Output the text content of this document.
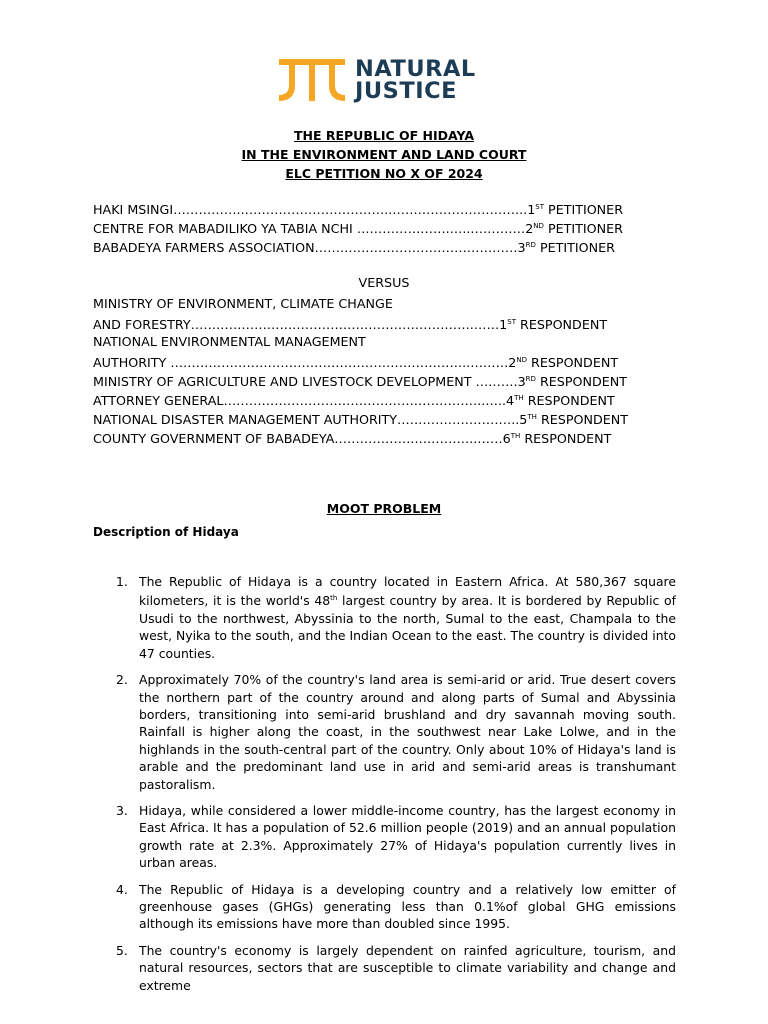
NATURAL
JUSTICE
THE REPUBLIC OF HIDAYA
IN THE ENVIRONMENT AND LAND COURT
ELC PETITION NO X OF 2024
HAKI MSINGI……………..……………………………..…………………………..1ST PETITIONER
CENTRE FOR MABADILIKO YA TABIA NCHI ………………….…...…………2ND PETITIONER
BABADEYA FARMERS ASSOCIATION…………………………………………3RD PETITIONER
VERSUS
MINISTRY OF ENVIRONMENT, CLIMATE CHANGE
AND FORESTRY………………………………………………………….……1ST RESPONDENT
NATIONAL ENVIRONMENTAL MANAGEMENT
AUTHORITY ……………………………………………………………..………2ND RESPONDENT
MINISTRY OF AGRICULTURE AND LIVESTOCK DEVELOPMENT ……….3RD RESPONDENT
ATTORNEY GENERAL……………………………………………………..…..4TH RESPONDENT
NATIONAL DISASTER MANAGEMENT AUTHORITY………………………..5TH RESPONDENT
COUNTY GOVERNMENT OF BABADEYA………………..…………..……6TH RESPONDENT
MOOT PROBLEM
Description of Hidaya
1. The Republic of Hidaya is a country located in Eastern Africa. At 580,367 square kilometers, it is the world's 48th largest country by area. It is bordered by Republic of Usudi to the northwest, Abyssinia to the north, Sumal to the east, Champala to the west, Nyika to the south, and the Indian Ocean to the east. The country is divided into 47 counties.
2. Approximately 70% of the country's land area is semi-arid or arid. True desert covers the northern part of the country around and along parts of Sumal and Abyssinia borders, transitioning into semi-arid brushland and dry savannah moving south. Rainfall is higher along the coast, in the southwest near Lake Lolwe, and in the highlands in the south-central part of the country. Only about 10% of Hidaya's land is arable and the predominant land use in arid and semi-arid areas is transhumant pastoralism.
3. Hidaya, while considered a lower middle-income country, has the largest economy in East Africa. It has a population of 52.6 million people (2019) and an annual population growth rate at 2.3%. Approximately 27% of Hidaya's population currently lives in urban areas.
4. The Republic of Hidaya is a developing country and a relatively low emitter of greenhouse gases (GHGs) generating less than 0.1%of global GHG emissions although its emissions have more than doubled since 1995.
5. The country's economy is largely dependent on rainfed agriculture, tourism, and natural resources, sectors that are susceptible to climate variability and change and extreme
